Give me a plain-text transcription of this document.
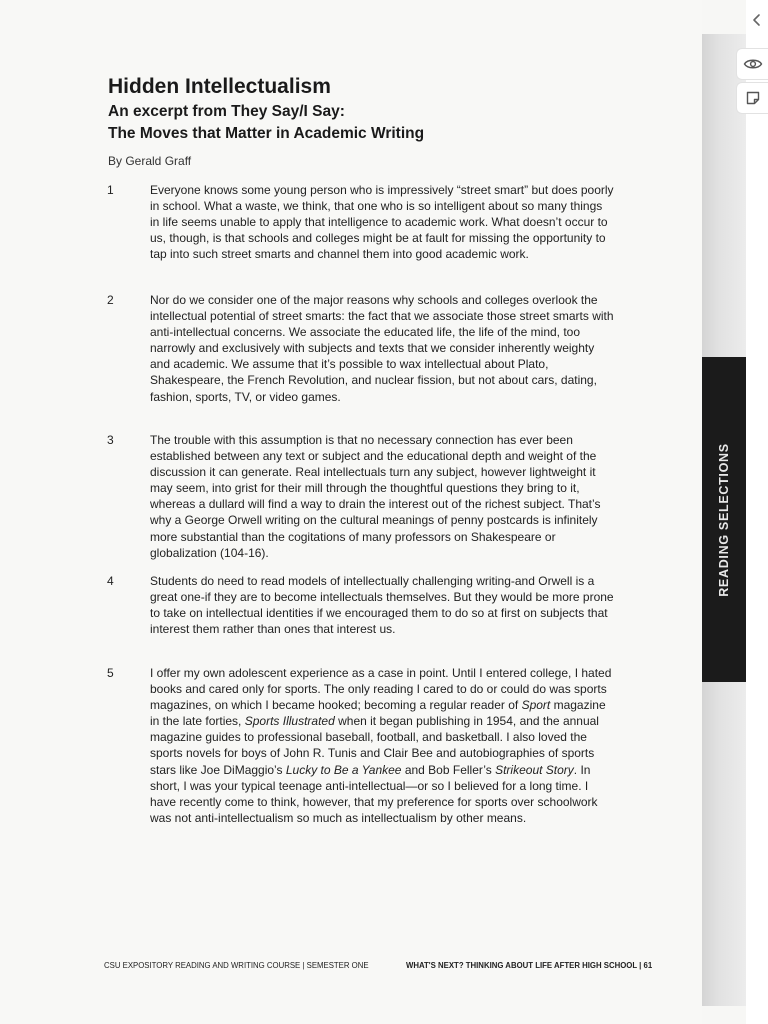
Hidden Intellectualism
An excerpt from They Say/I Say:
The Moves that Matter in Academic Writing
By Gerald Graff
1	Everyone knows some young person who is impressively “street smart” but does poorly in school. What a waste, we think, that one who is so intelligent about so many things in life seems unable to apply that intelligence to academic work. What doesn’t occur to us, though, is that schools and colleges might be at fault for missing the opportunity to tap into such street smarts and channel them into good academic work.

2	Nor do we consider one of the major reasons why schools and colleges overlook the intellectual potential of street smarts: the fact that we associate those street smarts with anti-intellectual concerns. We associate the educated life, the life of the mind, too narrowly and exclusively with subjects and texts that we consider inherently weighty and academic. We assume that it’s possible to wax intellectual about Plato, Shakespeare, the French Revolution, and nuclear fission, but not about cars, dating, fashion, sports, TV, or video games.

3	The trouble with this assumption is that no necessary connection has ever been established between any text or subject and the educational depth and weight of the discussion it can generate. Real intellectuals turn any subject, however lightweight it may seem, into grist for their mill through the thoughtful questions they bring to it, whereas a dullard will find a way to drain the interest out of the richest subject. That’s why a George Orwell writing on the cultural meanings of penny postcards is infinitely more substantial than the cogitations of many professors on Shakespeare or globalization (104-16).

4	Students do need to read models of intellectually challenging writing-and Orwell is a great one-if they are to become intellectuals themselves. But they would be more prone to take on intellectual identities if we encouraged them to do so at first on subjects that interest them rather than ones that interest us.

5	I offer my own adolescent experience as a case in point. Until I entered college, I hated books and cared only for sports. The only reading I cared to do or could do was sports magazines, on which I became hooked; becoming a regular reader of Sport magazine in the late forties, Sports Illustrated when it began publishing in 1954, and the annual magazine guides to professional baseball, football, and basketball. I also loved the sports novels for boys of John R. Tunis and Clair Bee and autobiographies of sports stars like Joe DiMaggio’s Lucky to Be a Yankee and Bob Feller’s Strikeout Story. In short, I was your typical teenage anti-intellectual—or so I believed for a long time. I have recently come to think, however, that my preference for sports over schoolwork was not anti-intellectualism so much as intellectualism by other means.

CSU EXPOSITORY READING AND WRITING COURSE | SEMESTER ONE	WHAT'S NEXT? THINKING ABOUT LIFE AFTER HIGH SCHOOL | 61
READING SELECTIONS
